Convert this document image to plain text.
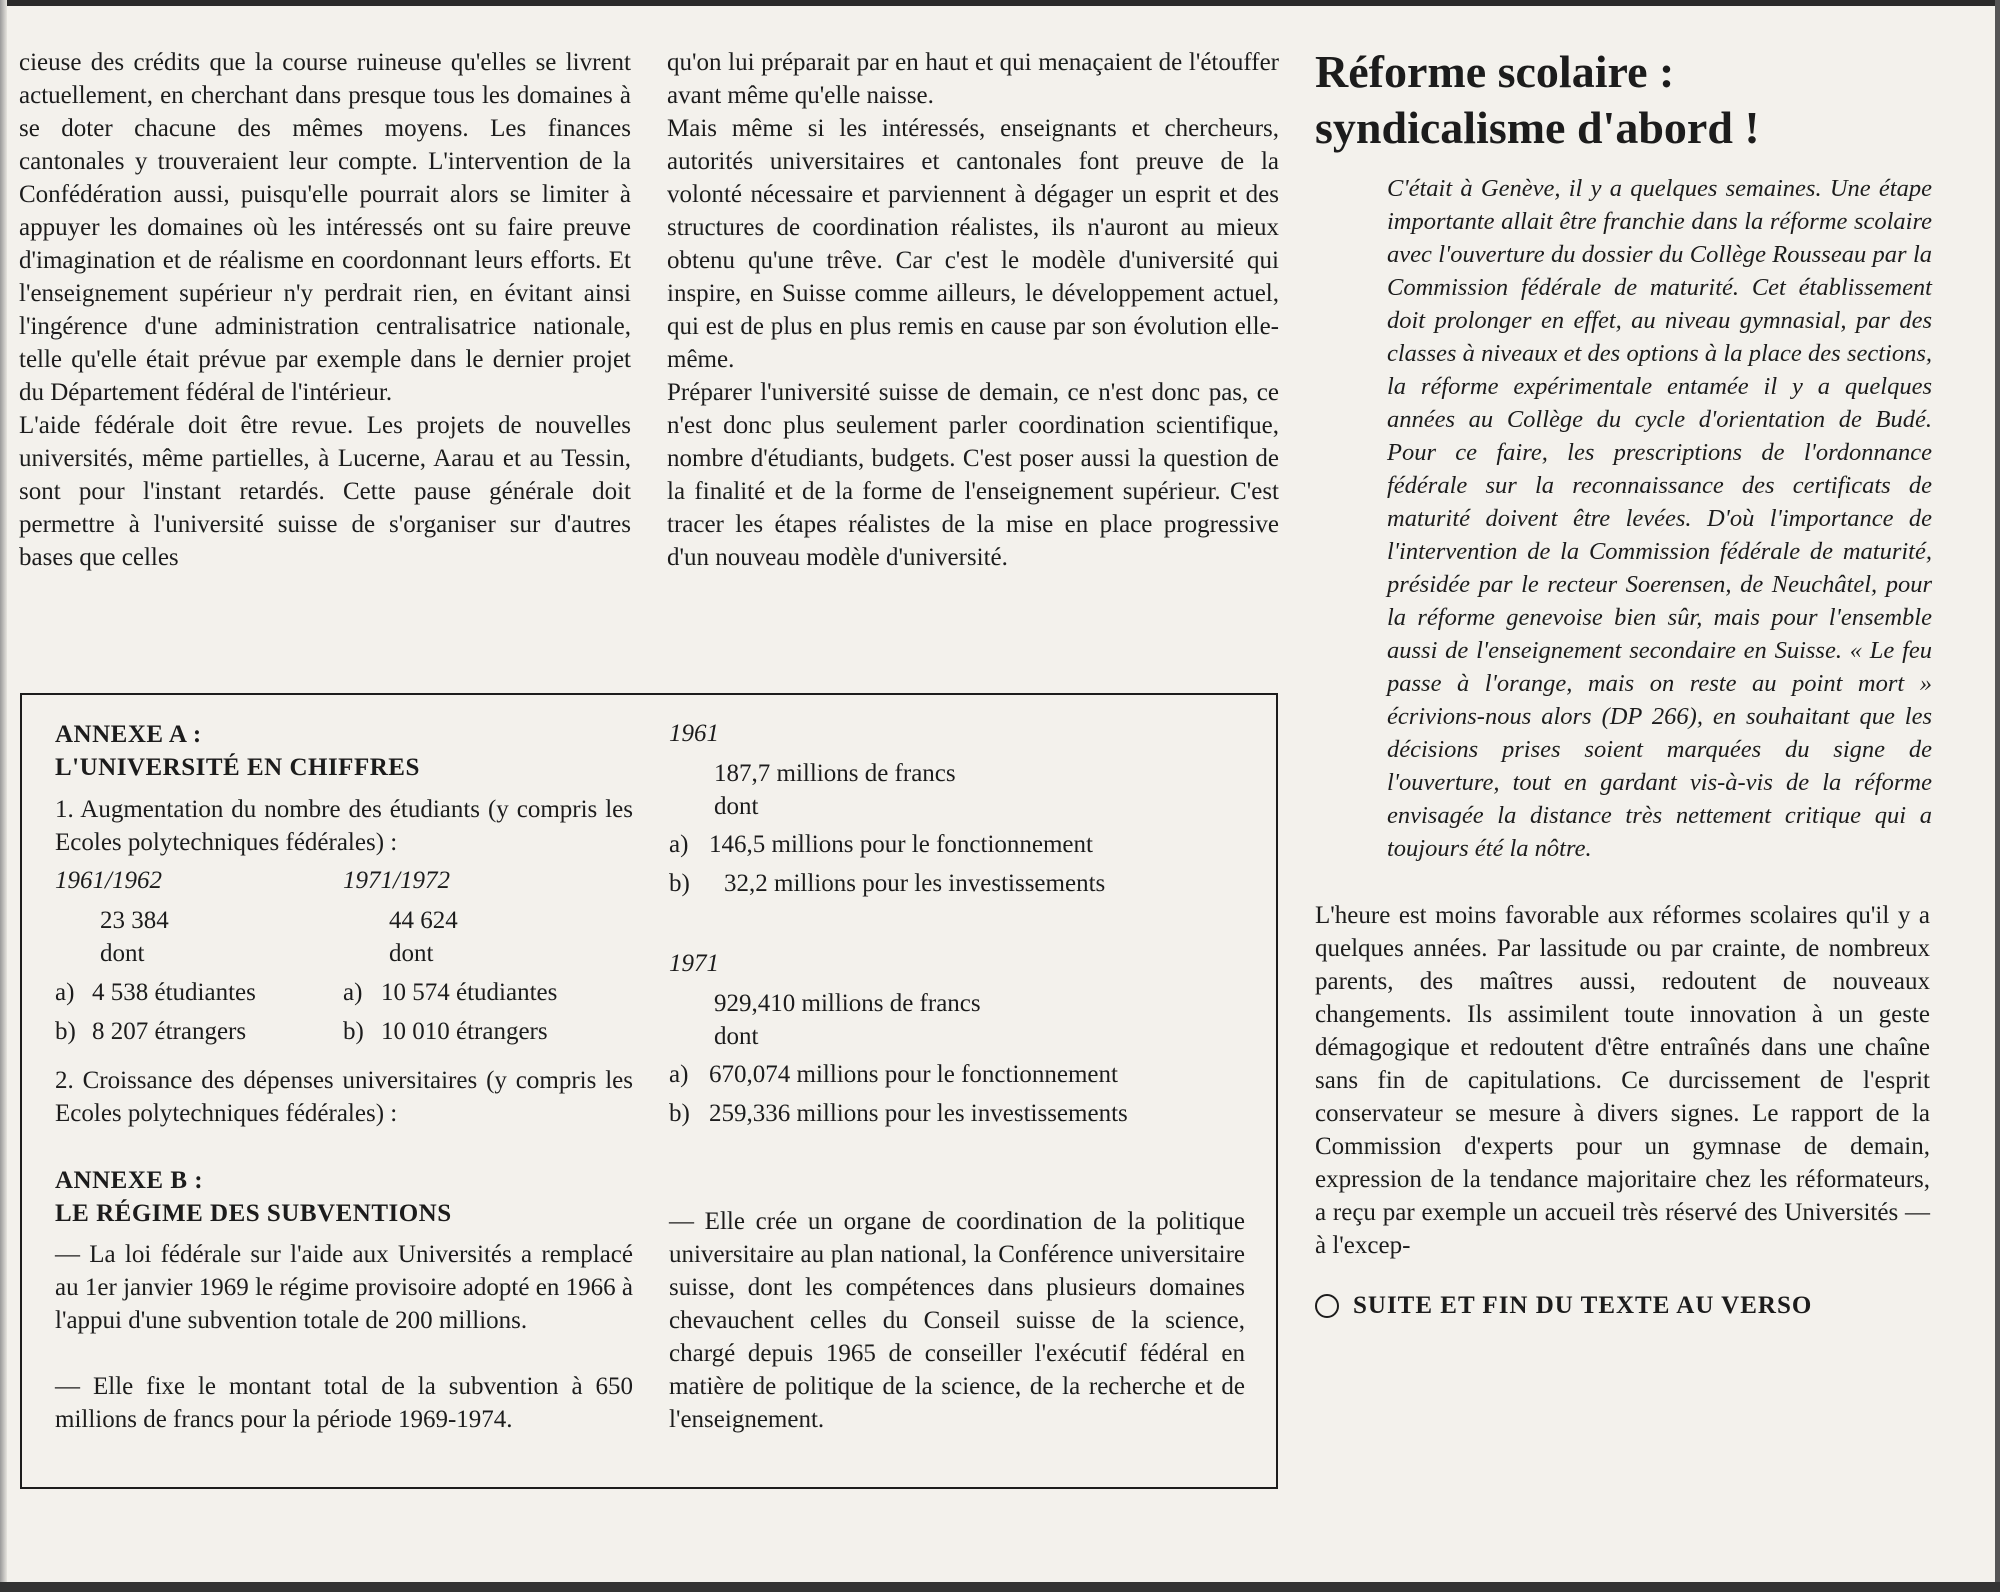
cieuse des crédits que la course ruineuse qu'elles se livrent actuellement, en cherchant dans presque tous les domaines à se doter chacune des mêmes moyens. Les finances cantonales y trouveraient leur compte. L'intervention de la Confédération aussi, puisqu'elle pourrait alors se limiter à appuyer les domaines où les intéressés ont su faire preuve d'imagination et de réalisme en coordonnant leurs efforts. Et l'enseignement supérieur n'y perdrait rien, en évitant ainsi l'ingérence d'une administration centralisatrice nationale, telle qu'elle était prévue par exemple dans le dernier projet du Département fédéral de l'intérieur.

L'aide fédérale doit être revue. Les projets de nouvelles universités, même partielles, à Lucerne, Aarau et au Tessin, sont pour l'instant retardés. Cette pause générale doit permettre à l'université suisse de s'organiser sur d'autres bases que celles

qu'on lui préparait par en haut et qui menaçaient de l'étouffer avant même qu'elle naisse.

Mais même si les intéressés, enseignants et chercheurs, autorités universitaires et cantonales font preuve de la volonté nécessaire et parviennent à dégager un esprit et des structures de coordination réalistes, ils n'auront au mieux obtenu qu'une trêve. Car c'est le modèle d'université qui inspire, en Suisse comme ailleurs, le développement actuel, qui est de plus en plus remis en cause par son évolution elle-même.

Préparer l'université suisse de demain, ce n'est donc pas, ce n'est donc plus seulement parler coordination scientifique, nombre d'étudiants, budgets. C'est poser aussi la question de la finalité et de la forme de l'enseignement supérieur. C'est tracer les étapes réalistes de la mise en place progressive d'un nouveau modèle d'université.

Réforme scolaire :
syndicalisme d'abord !
C'était à Genève, il y a quelques semaines. Une étape importante allait être franchie dans la réforme scolaire avec l'ouverture du dossier du Collège Rousseau par la Commission fédérale de maturité. Cet établissement doit prolonger en effet, au niveau gymnasial, par des classes à niveaux et des options à la place des sections, la réforme expérimentale entamée il y a quelques années au Collège du cycle d'orientation de Budé. Pour ce faire, les prescriptions de l'ordonnance fédérale sur la reconnaissance des certificats de maturité doivent être levées. D'où l'importance de l'intervention de la Commission fédérale de maturité, présidée par le recteur Soerensen, de Neuchâtel, pour la réforme genevoise bien sûr, mais pour l'ensemble aussi de l'enseignement secondaire en Suisse. « Le feu passe à l'orange, mais on reste au point mort » écrivions-nous alors (DP 266), en souhaitant que les décisions prises soient marquées du signe de l'ouverture, tout en gardant vis-à-vis de la réforme envisagée la distance très nettement critique qui a toujours été la nôtre.
L'heure est moins favorable aux réformes scolaires qu'il y a quelques années. Par lassitude ou par crainte, de nombreux parents, des maîtres aussi, redoutent de nouveaux changements. Ils assimilent toute innovation à un geste démagogique et redoutent d'être entraînés dans une chaîne sans fin de capitulations. Ce durcissement de l'esprit conservateur se mesure à divers signes. Le rapport de la Commission d'experts pour un gymnase de demain, expression de la tendance majoritaire chez les réformateurs, a reçu par exemple un accueil très réservé des Universités — à l'excep-
SUITE ET FIN DU TEXTE AU VERSO
ANNEXE A :
L'UNIVERSITÉ EN CHIFFRES
1. Augmentation du nombre des étudiants (y compris les Ecoles polytechniques fédérales) :
1961/1962	1971/1972
23 384	44 624
dont	dont
a) 4 538 étudiantes	a) 10 574 étudiantes
b) 8 207 étrangers	b) 10 010 étrangers
2. Croissance des dépenses universitaires (y compris les Ecoles polytechniques fédérales) :
ANNEXE B :
LE RÉGIME DES SUBVENTIONS
— La loi fédérale sur l'aide aux Universités a remplacé au 1er janvier 1969 le régime provisoire adopté en 1966 à l'appui d'une subvention totale de 200 millions.
— Elle fixe le montant total de la subvention à 650 millions de francs pour la période 1969-1974.
1961
187,7 millions de francs
dont
a) 146,5 millions pour le fonctionnement
b) 32,2 millions pour les investissements
1971
929,410 millions de francs
dont
a) 670,074 millions pour le fonctionnement
b) 259,336 millions pour les investissements
— Elle crée un organe de coordination de la politique universitaire au plan national, la Conférence universitaire suisse, dont les compétences dans plusieurs domaines chevauchent celles du Conseil suisse de la science, chargé depuis 1965 de conseiller l'exécutif fédéral en matière de politique de la science, de la recherche et de l'enseignement.
